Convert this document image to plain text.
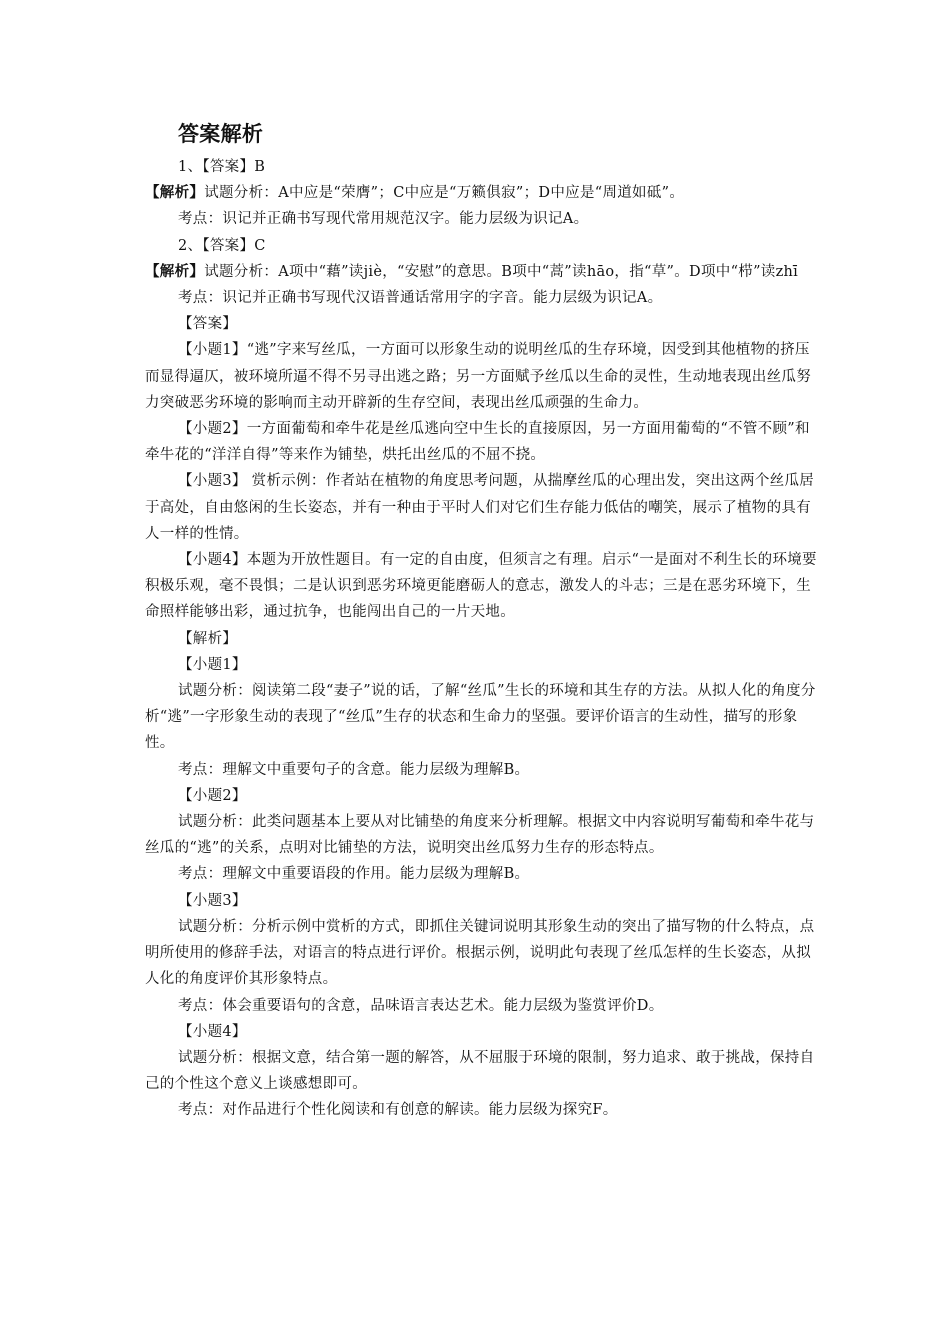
答案解析

1、【答案】B

【解析】试题分析：A中应是“荣膺”；C中应是“万籁俱寂”；D中应是“周道如砥”。

考点：识记并正确书写现代常用规范汉字。能力层级为识记A。

2、【答案】C

【解析】试题分析：A项中“藉”读jiè，“安慰”的意思。B项中“蒿”读hāo，指“草”。D项中“栉”读zhī

考点：识记并正确书写现代汉语普通话常用字的字音。能力层级为识记A。

【答案】

【小题1】“逃”字来写丝瓜，一方面可以形象生动的说明丝瓜的生存环境，因受到其他植物的挤压而显得逼仄，被环境所逼不得不另寻出逃之路；另一方面赋予丝瓜以生命的灵性，生动地表现出丝瓜努力突破恶劣环境的影响而主动开辟新的生存空间，表现出丝瓜顽强的生命力。

【小题2】一方面葡萄和牵牛花是丝瓜逃向空中生长的直接原因，另一方面用葡萄的“不管不顾”和牵牛花的“洋洋自得”等来作为铺垫，烘托出丝瓜的不屈不挠。

【小题3】 赏析示例：作者站在植物的角度思考问题，从揣摩丝瓜的心理出发，突出这两个丝瓜居于高处，自由悠闲的生长姿态，并有一种由于平时人们对它们生存能力低估的嘲笑，展示了植物的具有人一样的性情。

【小题4】本题为开放性题目。有一定的自由度，但须言之有理。启示“一是面对不利生长的环境要积极乐观，毫不畏惧；二是认识到恶劣环境更能磨砺人的意志，激发人的斗志；三是在恶劣环境下，生命照样能够出彩，通过抗争，也能闯出自己的一片天地。

【解析】

【小题1】

试题分析：阅读第二段“妻子”说的话，了解“丝瓜”生长的环境和其生存的方法。从拟人化的角度分析“逃”一字形象生动的表现了“丝瓜”生存的状态和生命力的坚强。要评价语言的生动性，描写的形象性。

考点：理解文中重要句子的含意。能力层级为理解B。

【小题2】

试题分析：此类问题基本上要从对比铺垫的角度来分析理解。根据文中内容说明写葡萄和牵牛花与丝瓜的“逃”的关系，点明对比铺垫的方法，说明突出丝瓜努力生存的形态特点。

考点：理解文中重要语段的作用。能力层级为理解B。

【小题3】

试题分析：分析示例中赏析的方式，即抓住关键词说明其形象生动的突出了描写物的什么特点，点明所使用的修辞手法，对语言的特点进行评价。根据示例，说明此句表现了丝瓜怎样的生长姿态，从拟人化的角度评价其形象特点。

考点：体会重要语句的含意，品味语言表达艺术。能力层级为鉴赏评价D。

【小题4】

试题分析：根据文意，结合第一题的解答，从不屈服于环境的限制，努力追求、敢于挑战，保持自己的个性这个意义上谈感想即可。

考点：对作品进行个性化阅读和有创意的解读。能力层级为探究F。
